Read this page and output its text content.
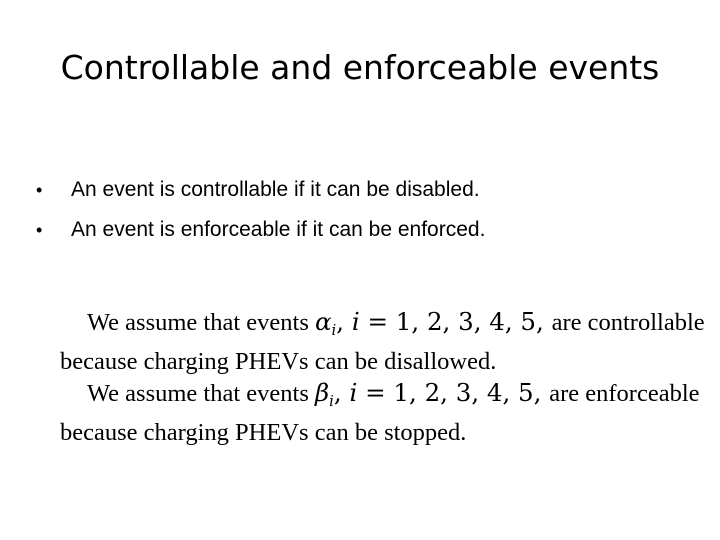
Controllable and enforceable events
•	An event is controllable if it can be disabled.
•	An event is enforceable if it can be enforced.
We assume that events $\alpha_i$, i = 1, 2, 3, 4, 5, are controllable
because charging PHEVs can be disallowed.
We assume that events $\beta_i$, i = 1, 2, 3, 4, 5, are enforceable
because charging PHEVs can be stopped.
